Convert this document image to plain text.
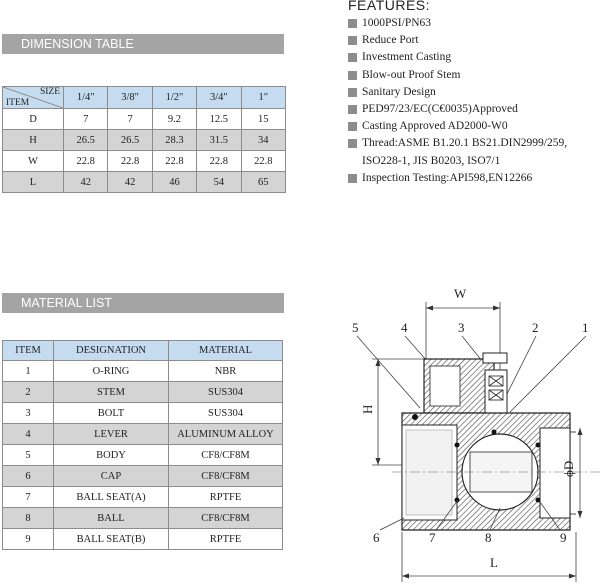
DIMENSION TABLE
SIZE
ITEM	1/4"	3/8"	1/2"	3/4"	1"
D	7	7	9.2	12.5	15
H	26.5	26.5	28.3	31.5	34
W	22.8	22.8	22.8	22.8	22.8
L	42	42	46	54	65
MATERIAL LIST
ITEM	DESIGNATION	MATERIAL
1	O-RING	NBR
2	STEM	SUS304
3	BOLT	SUS304
4	LEVER	ALUMINUM ALLOY
5	BODY	CF8/CF8M
6	CAP	CF8/CF8M
7	BALL SEAT(A)	RPTFE
8	BALL	CF8/CF8M
9	BALL SEAT(B)	RPTFE
FEATURES:
1000PSI/PN63
Reduce Port
Investment Casting
Blow-out Proof Stem
Sanitary Design
PED97/23/EC(C€0035)Approved
Casting Approved AD2000-W0
Thread:ASME B1.20.1 BS21.DIN2999/259,
ISO228-1, JIS B0203, ISO7/1
Inspection Testing:API598,EN12266
W
5	4	3	2	1
H
ϕD
6	7	8	9
L
